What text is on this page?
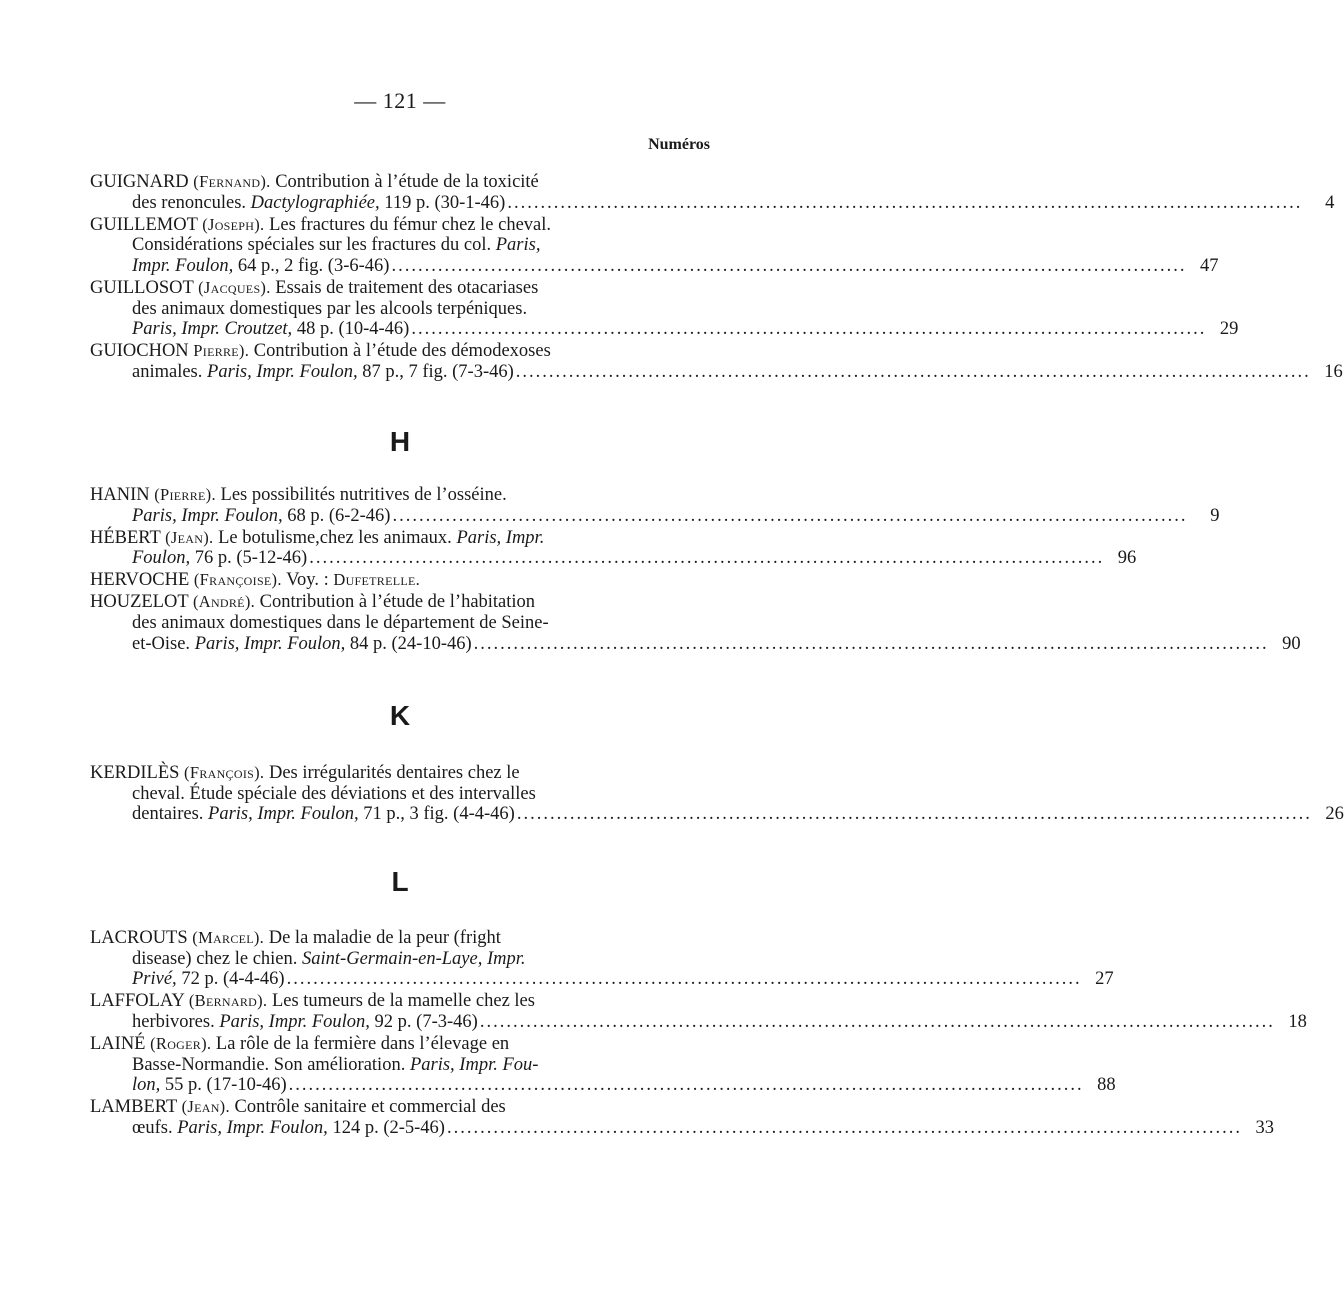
— 121 —
Numéros
GUIGNARD (Fernand). Contribution à l’étude de la toxicité
des renoncules. Dactylographiée, 119 p. (30-1-46) ........................................................................................................................	4
GUILLEMOT (Joseph). Les fractures du fémur chez le cheval.
Considérations spéciales sur les fractures du col. Paris,
Impr. Foulon, 64 p., 2 fig. (3-6-46) ........................................................................................................................ 47
GUILLOSOT (Jacques). Essais de traitement des otacariases
des animaux domestiques par les alcools terpéniques.
Paris, Impr. Croutzet, 48 p. (10-4-46) ........................................................................................................................ 29
GUIOCHON Pierre). Contribution à l’étude des démodexoses
animales. Paris, Impr. Foulon, 87 p., 7 fig. (7-3-46) ........................................................................................................................ 16
H
HANIN (Pierre). Les possibilités nutritives de l’osséine.
Paris, Impr. Foulon, 68 p. (6-2-46) ........................................................................................................................	9
HÉBERT (Jean). Le botulisme,chez les animaux. Paris, Impr.
Foulon, 76 p. (5-12-46) ........................................................................................................................ 96
HERVOCHE (Françoise). Voy. : Dufetrelle.
HOUZELOT (André). Contribution à l’étude de l’habitation
des animaux domestiques dans le département de Seine-
et-Oise. Paris, Impr. Foulon, 84 p. (24-10-46) ........................................................................................................................ 90
K
KERDILÈS (François). Des irrégularités dentaires chez le
cheval. Étude spéciale des déviations et des intervalles
dentaires. Paris, Impr. Foulon, 71 p., 3 fig. (4-4-46) ........................................................................................................................ 26
L
LACROUTS (Marcel). De la maladie de la peur (fright
disease) chez le chien. Saint-Germain-en-Laye, Impr.
Privé, 72 p. (4-4-46) ........................................................................................................................ 27
LAFFOLAY (Bernard). Les tumeurs de la mamelle chez les
herbivores. Paris, Impr. Foulon, 92 p. (7-3-46) ........................................................................................................................ 18
LAINÉ (Roger). La rôle de la fermière dans l’élevage en
Basse-Normandie. Son amélioration. Paris, Impr. Fou-
lon, 55 p. (17-10-46) ........................................................................................................................ 88
LAMBERT (Jean). Contrôle sanitaire et commercial des
œufs. Paris, Impr. Foulon, 124 p. (2-5-46) ........................................................................................................................ 33
